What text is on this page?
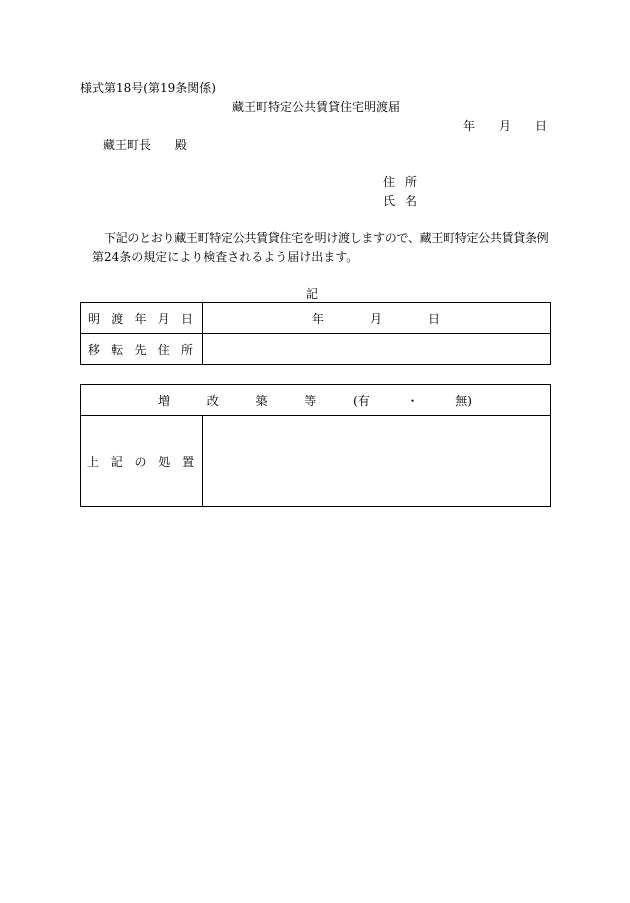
様式第18号(第19条関係)
藏王町特定公共賃貸住宅明渡届
年 月 日
藏王町長 殿
住 所
氏 名
下記のとおり藏王町特定公共賃貸住宅を明け渡しますので、藏王町特定公共賃貸条例
第24条の規定により検査されるよう届け出ます。
記
明 渡 年 月 日	年 月 日

移 転 先 住 所	

増	改	築	等	(有	・	無)

上 記 の 処 置
